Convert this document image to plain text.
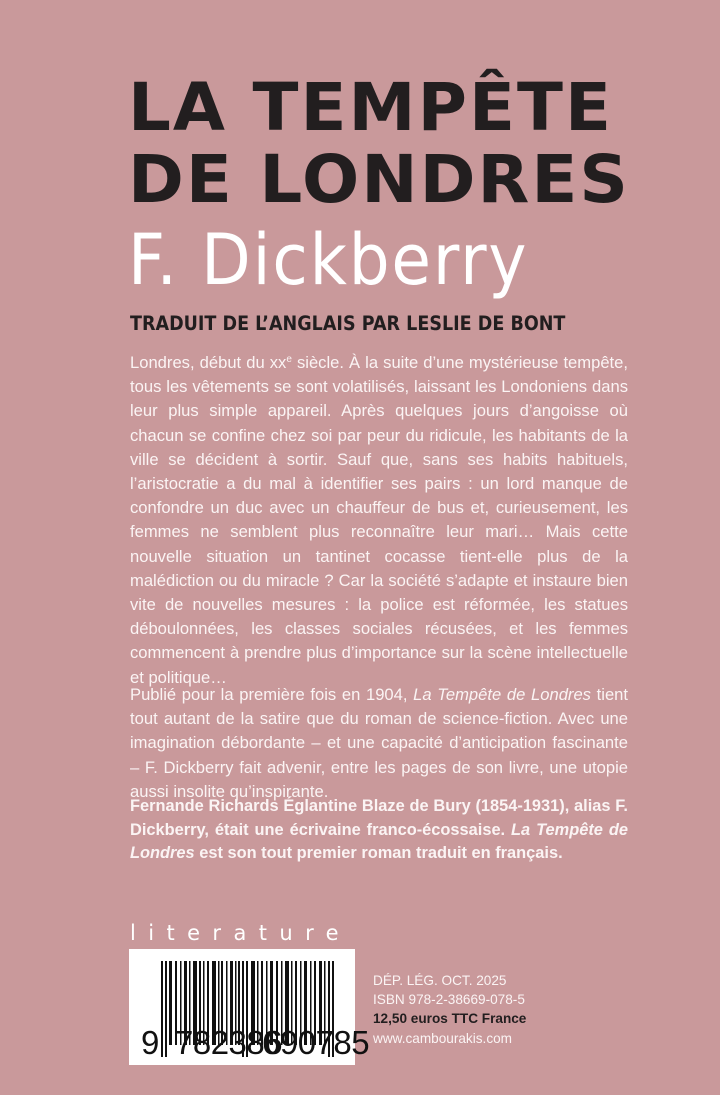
LA TEMPÊTE
DE LONDRES
F. Dickberry
TRADUIT DE L’ANGLAIS PAR LESLIE DE BONT

Londres, début du $xx^e$ siècle. À la suite d’une mystérieuse tempête, tous les vêtements se sont volatilisés, laissant les Londoniens dans leur plus simple appareil. Après quelques jours d’angoisse où chacun se confine chez soi par peur du ridicule, les habitants de la ville se décident à sortir. Sauf que, sans ses habits habituels, l’aristocratie a du mal à identifier ses pairs : un lord manque de confondre un duc avec un chauffeur de bus et, curieusement, les femmes ne semblent plus reconnaître leur mari… Mais cette nouvelle situation un tantinet cocasse tient-elle plus de la malédiction ou du miracle ? Car la société s’adapte et instaure bien vite de nouvelles mesures : la police est réformée, les statues déboulonnées, les classes sociales récusées, et les femmes commencent à prendre plus d’importance sur la scène intellectuelle et politique…

Publié pour la première fois en 1904, La Tempête de Londres tient tout autant de la satire que du roman de science-fiction. Avec une imagination débordante – et une capacité d’anticipation fascinante – F. Dickberry fait advenir, entre les pages de son livre, une utopie aussi insolite qu’inspirante.

Fernande Richards Églantine Blaze de Bury (1854-1931), alias F. Dickberry, était une écrivaine franco-écossaise. La Tempête de Londres est son tout premier roman traduit en français.

literature
9 782386
690785
DÉP. LÉG. OCT. 2025
ISBN 978-2-38669-078-5
12,50 euros TTC France
www.cambourakis.com
